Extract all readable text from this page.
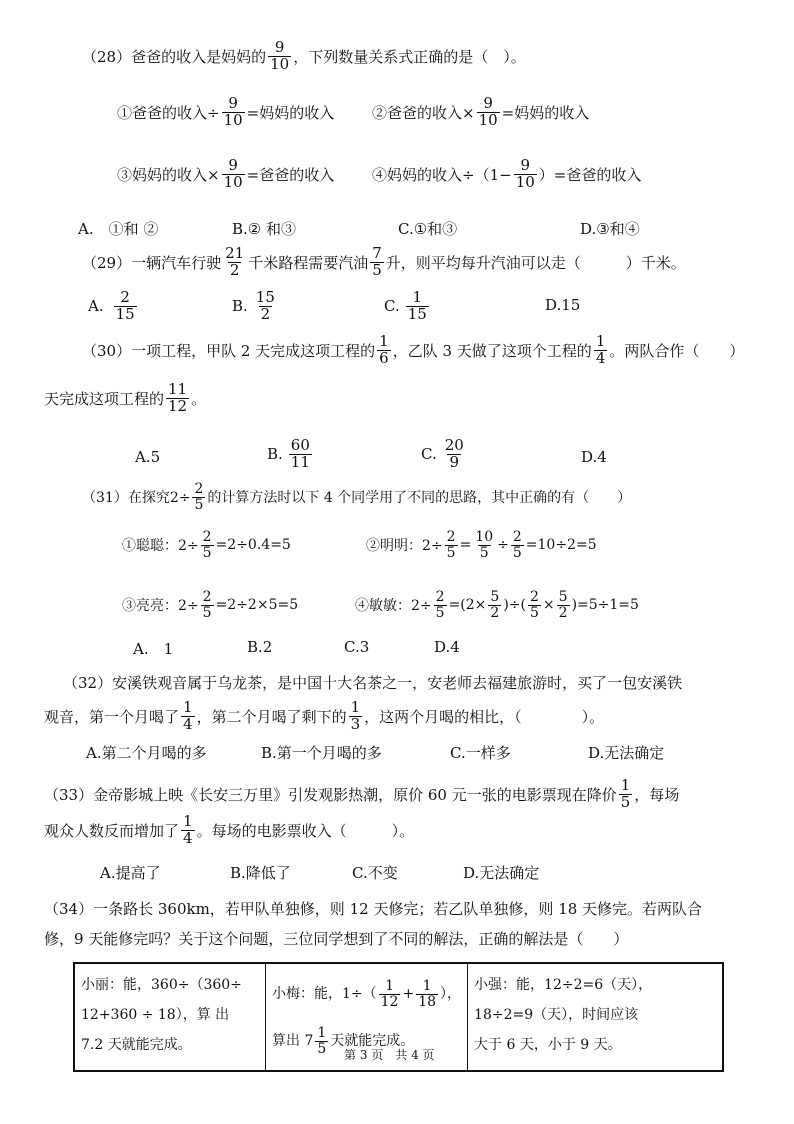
（28）爸爸的收入是妈妈的 $\frac{9}{10}$ ，下列数量关系式正确的是（　）。
①爸爸的收入÷ $\frac{9}{10}$ =妈妈的收入	②爸爸的收入× $\frac{9}{10}$ =妈妈的收入
③妈妈的收入× $\frac{9}{10}$ =爸爸的收入	④妈妈的收入$\div(1- \frac{9}{10}$ ）=爸爸的收入
A.　①和 ②	B.② 和③	C.①和③	D.③和④
（29）一辆汽车行驶 $\frac{21}{2}$ 千米路程需要汽油 $\frac{7}{5}$ 升，则平均每升汽油可以走（　　　）千米。
A. $\frac{2}{15}$	B. $\frac{15}{2}$	C. $\frac{1}{15}$	D.15
（30）一项工程，甲队 2 天完成这项工程的 $\frac{1}{6}$ ，乙队 3 天做了这项个工程的 $\frac{1}{4}$ 。两队合作（　　）
天完成这项工程的 $\frac{11}{12}$ 。
A.5	B. $\frac{60}{11}$	C. $\frac{20}{9}$	D.4
（31）在探究$2\div \frac{2}{5}$ 的计算方法时以下 4 个同学用了不同的思路，其中正确的有（　　）
①聪聪：$2\div \frac{2}{5} =2\div 0.4=5$	②明明：$2\div \frac{2}{5} = \frac{10}{5} \div \frac{2}{5} =10\div 2=5$
③亮亮：$2\div \frac{2}{5} =2\div 2\times 5=5$	④敏敏：$2\div \frac{2}{5} =(2\times \frac{5}{2}$ )÷( $\frac{2}{5} \times \frac{5}{2} )=5\div 1=5$
A.　1	B.2	C.3	D.4
（32）安溪铁观音属于乌龙茶，是中国十大名茶之一，安老师去福建旅游时，买了一包安溪铁
观音，第一个月喝了 $\frac{1}{4}$ ，第二个月喝了剩下的 $\frac{1}{3}$ ，这两个月喝的相比，（　　　　）。
A.第二个月喝的多	B.第一个月喝的多	C.一样多	D.无法确定
（33）金帝影城上映《长安三万里》引发观影热潮，原价 60 元一张的电影票现在降价 $\frac{1}{5}$ ，每场
观众人数反而增加了 $\frac{1}{4}$ 。每场的电影票收入（　　　）。
A.提高了	B.降低了	C.不变	D.无法确定
（34）一条路长 360km，若甲队单独修，则 12 天修完；若乙队单独修，则 18 天修完。若两队合
修，9 天能修完吗？关于这个问题，三位同学想到了不同的解法，正确的解法是（　　）
小丽：能，360÷（360÷
12+360 ÷ 18），算 出
7.2 天就能完成。

小梅：能，$1\div( \frac{1}{12} + \frac{1}{18}$ ），
算出 $7 \frac{1}{5}$ 天就能完成。

小强：能，12÷2=6（天），
18÷2=9（天），时间应该
大于 6 天，小于 9 天。
第 3 页　共 4 页
